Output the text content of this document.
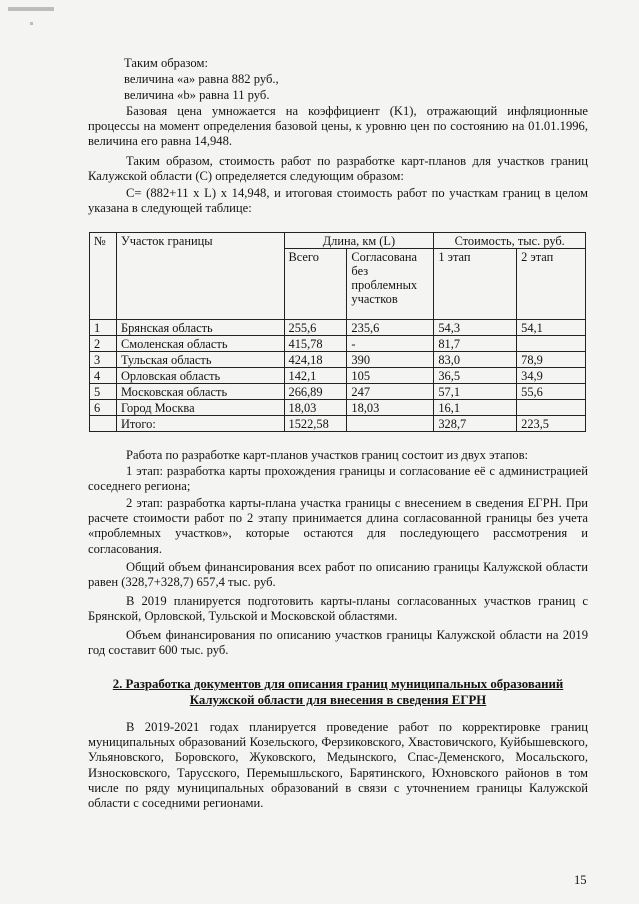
Таким образом:

величина «а» равна 882 руб.,

величина «b» равна 11 руб.

Базовая цена умножается на коэффициент (K1), отражающий инфляционные процессы на момент определения базовой цены, к уровню цен по состоянию на 01.01.1996, величина его равна 14,948.

Таким образом, стоимость работ по разработке карт-планов для участков границ Калужской области (С) определяется следующим образом:

С= (882+11 х L) х 14,948, и итоговая стоимость работ по участкам границ в целом указана в следующей таблице:

№	Участок границы	Длина, км (L)		Стоимость, тыс. руб.	
		Всего	Согласована без проблемных участков	1 этап	2 этап
1	Брянская область	255,6	235,6	54,3	54,1
2	Смоленская область	415,78	-	81,7	
3	Тульская область	424,18	390	83,0	78,9
4	Орловская область	142,1	105	36,5	34,9
5	Московская область	266,89	247	57,1	55,6
6	Город Москва	18,03	18,03	16,1	
	Итого:	1522,58		328,7	223,5

Работа по разработке карт-планов участков границ состоит из двух этапов:

1 этап: разработка карты прохождения границы и согласование её с администрацией соседнего региона;

2 этап: разработка карты-плана участка границы с внесением в сведения ЕГРН. При расчете стоимости работ по 2 этапу принимается длина согласованной границы без учета «проблемных участков», которые остаются для последующего рассмотрения и согласования.

Общий объем финансирования всех работ по описанию границы Калужской области равен (328,7+328,7) 657,4 тыс. руб.

В 2019 планируется подготовить карты-планы согласованных участков границ с Брянской, Орловской, Тульской и Московской областями.

Объем финансирования по описанию участков границы Калужской области на 2019 год составит 600 тыс. руб.

2. Разработка документов для описания границ муниципальных образований Калужской области для внесения в сведения ЕГРН

В 2019-2021 годах планируется проведение работ по корректировке границ муниципальных образований Козельского, Ферзиковского, Хвастовичского, Куйбышевского, Ульяновского, Боровского, Жуковского, Медынского, Спас-Деменского, Мосальского, Износковского, Тарусского, Перемышльского, Барятинского, Юхновского районов в том числе по ряду муниципальных образований в связи с уточнением границы Калужской области с соседними регионами.

15
